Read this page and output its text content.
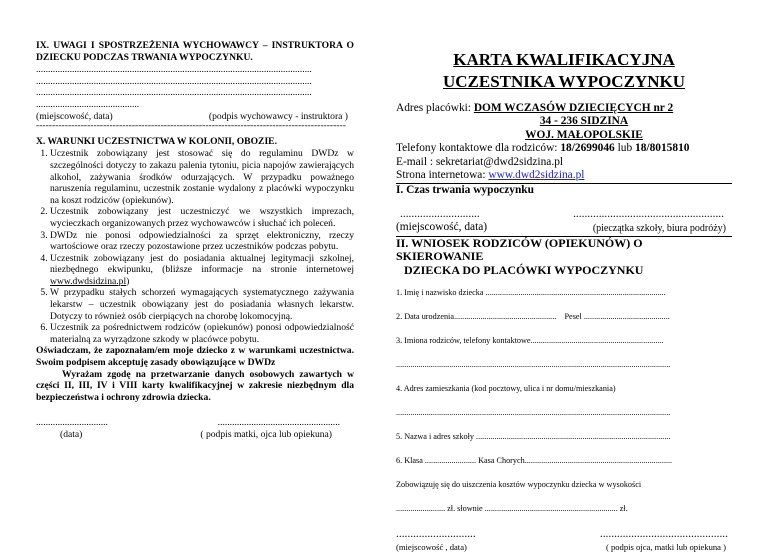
IX. UWAGI I SPOSTRZEŻENIA WYCHOWAWCY – INSTRUKTORA O DZIECKU PODCZAS TRWANIA WYPOCZYNKU.
...................................................................................................................
...................................................................................................................
...................................................................................................................
...........................................
(miejscowość, data)	(podpis wychowawcy - instruktora )
-------------------------------------------------------------------------------------------------
X. WARUNKI UCZESTNICTWA W KOLONII, OBOZIE.
1. Uczestnik zobowiązany jest stosować się do regulaminu DWDz w szczególności dotyczy to zakazu palenia tytoniu, picia napojów zawierających alkohol, zażywania środków odurzających. W przypadku poważnego naruszenia regulaminu, uczestnik zostanie wydalony z placówki wypoczynku na koszt rodziców (opiekunów).
2. Uczestnik zobowiązany jest uczestniczyć we wszystkich imprezach, wycieczkach organizowanych przez wychowawców i słuchać ich poleceń.
3. DWDz nie ponosi odpowiedzialności za sprzęt elektroniczny, rzeczy wartościowe oraz rzeczy pozostawione przez uczestników podczas pobytu.
4. Uczestnik zobowiązany jest do posiadania aktualnej legitymacji szkolnej, niezbędnego ekwipunku, (bliższe informacje na stronie internetowej www.dwdsidzina.pl)
5. W przypadku stałych schorzeń wymagających systematycznego zażywania lekarstw – uczestnik obowiązany jest do posiadania własnych lekarstw. Dotyczy to również osób cierpiących na chorobę lokomocyjną.
6. Uczestnik za pośrednictwem rodziców (opiekunów) ponosi odpowiedzialność materialną za wyrządzone szkody w placówce pobytu.
Oświadczam, że zapoznałam/em moje dziecko z w warunkami uczestnictwa. Swoim podpisem akceptuję zasady obowiązujące w DWDz
Wyrażam zgodę na przetwarzanie danych osobowych zawartych w części II, III, IV i VIII karty kwalifikacyjnej w zakresie niezbędnym dla bezpieczeństwa i ochrony zdrowia dziecka.
..............................	...................................................
(data)	( podpis matki, ojca lub opiekuna)
KARTA KWALIFIKACYJNA
UCZESTNIKA WYPOCZYNKU
Adres placówki: DOM WCZASÓW DZIECIĘCYCH nr 2
34 - 236 SIDZINA
WOJ. MAŁOPOLSKIE
Telefony kontaktowe dla rodziców: 18/2699046 lub 18/8015810
E-mail : sekretariat@dwd2sidzina.pl
Strona internetowa: www.dwd2sidzina.pl
I. Czas trwania wypoczynku
............................	.....................................................
(miejscowość, data)	(pieczątka szkoły, biura podróży)
II. WNIOSEK RODZICÓW (OPIEKUNÓW) O SKIEROWANIE
DZIECKA DO PLACÓWKI WYPOCZYNKU
1. Imię i nazwisko dziecka ........................................................................................
2. Data urodzenia.................................................. Pesel ..........................................
3. Imiona rodziców, telefony kontaktowe.................................................................
......................................................................................................................................
4. Adres zamieszkania (kod pocztowy, ulica i nr domu/mieszkania)
......................................................................................................................................
5. Nazwa i adres szkoły ...............................................................................................
6. Klasa ......................... Kasa Chorych........................................................................
Zobowiązuję się do uiszczenia kosztów wypoczynku dziecka w wysokości
........................ zł. słownie ................................................................. zł.
............................	.............................................
(miejscowość , data)	( podpis ojca, matki lub opiekuna )
